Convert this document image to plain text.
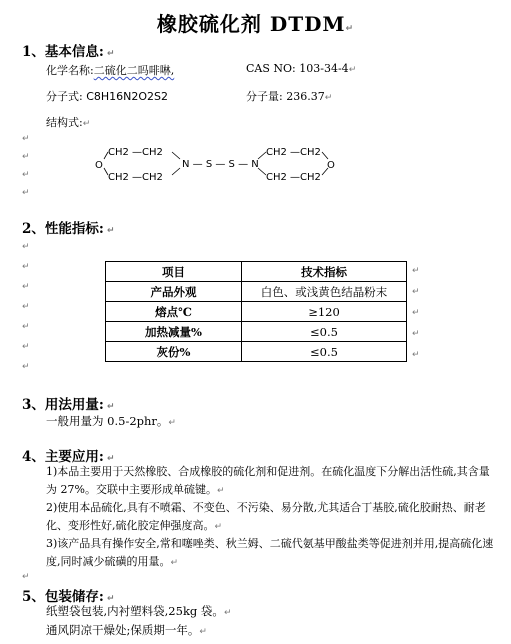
橡胶硫化剂 DTDM↵
1、基本信息: ↵
化学名称:二硫化二吗啡啉,	CAS NO: 103-34-4↵
分子式: C8H16N2O2S2	分子量: 236.37↵
结构式:↵
CH2 —CH2
CH2 —CH2
O	N — S — S — N
CH2 —CH2
CH2 —CH2
O
↵
↵
↵
↵
2、性能指标: ↵
↵
↵
↵
↵
↵
↵
↵
项目	技术指标
产品外观	白色、或浅黄色结晶粉末
熔点℃	≥120
加热减量%	≤0.5
灰份%	≤0.5
↵
↵
↵
↵
↵
3、用法用量: ↵
一般用量为 0.5-2phr。↵
4、主要应用: ↵
1)本品主要用于天然橡胶、合成橡胶的硫化剂和促进剂。在硫化温度下分解出活性硫,其含量为 27%。交联中主要形成单硫键。↵
2)使用本品硫化,具有不喷霜、不变色、不污染、易分散,尤其适合丁基胶,硫化胶耐热、耐老化、变形性好,硫化胶定伸强度高。↵
3)该产品具有操作安全,常和噻唑类、秋兰姆、二硫代氨基甲酸盐类等促进剂并用,提高硫化速度,同时减少硫磺的用量。↵
↵
5、包装储存: ↵
纸塑袋包装,内衬塑料袋,25kg 袋。↵
通风阴凉干燥处;保质期一年。↵
